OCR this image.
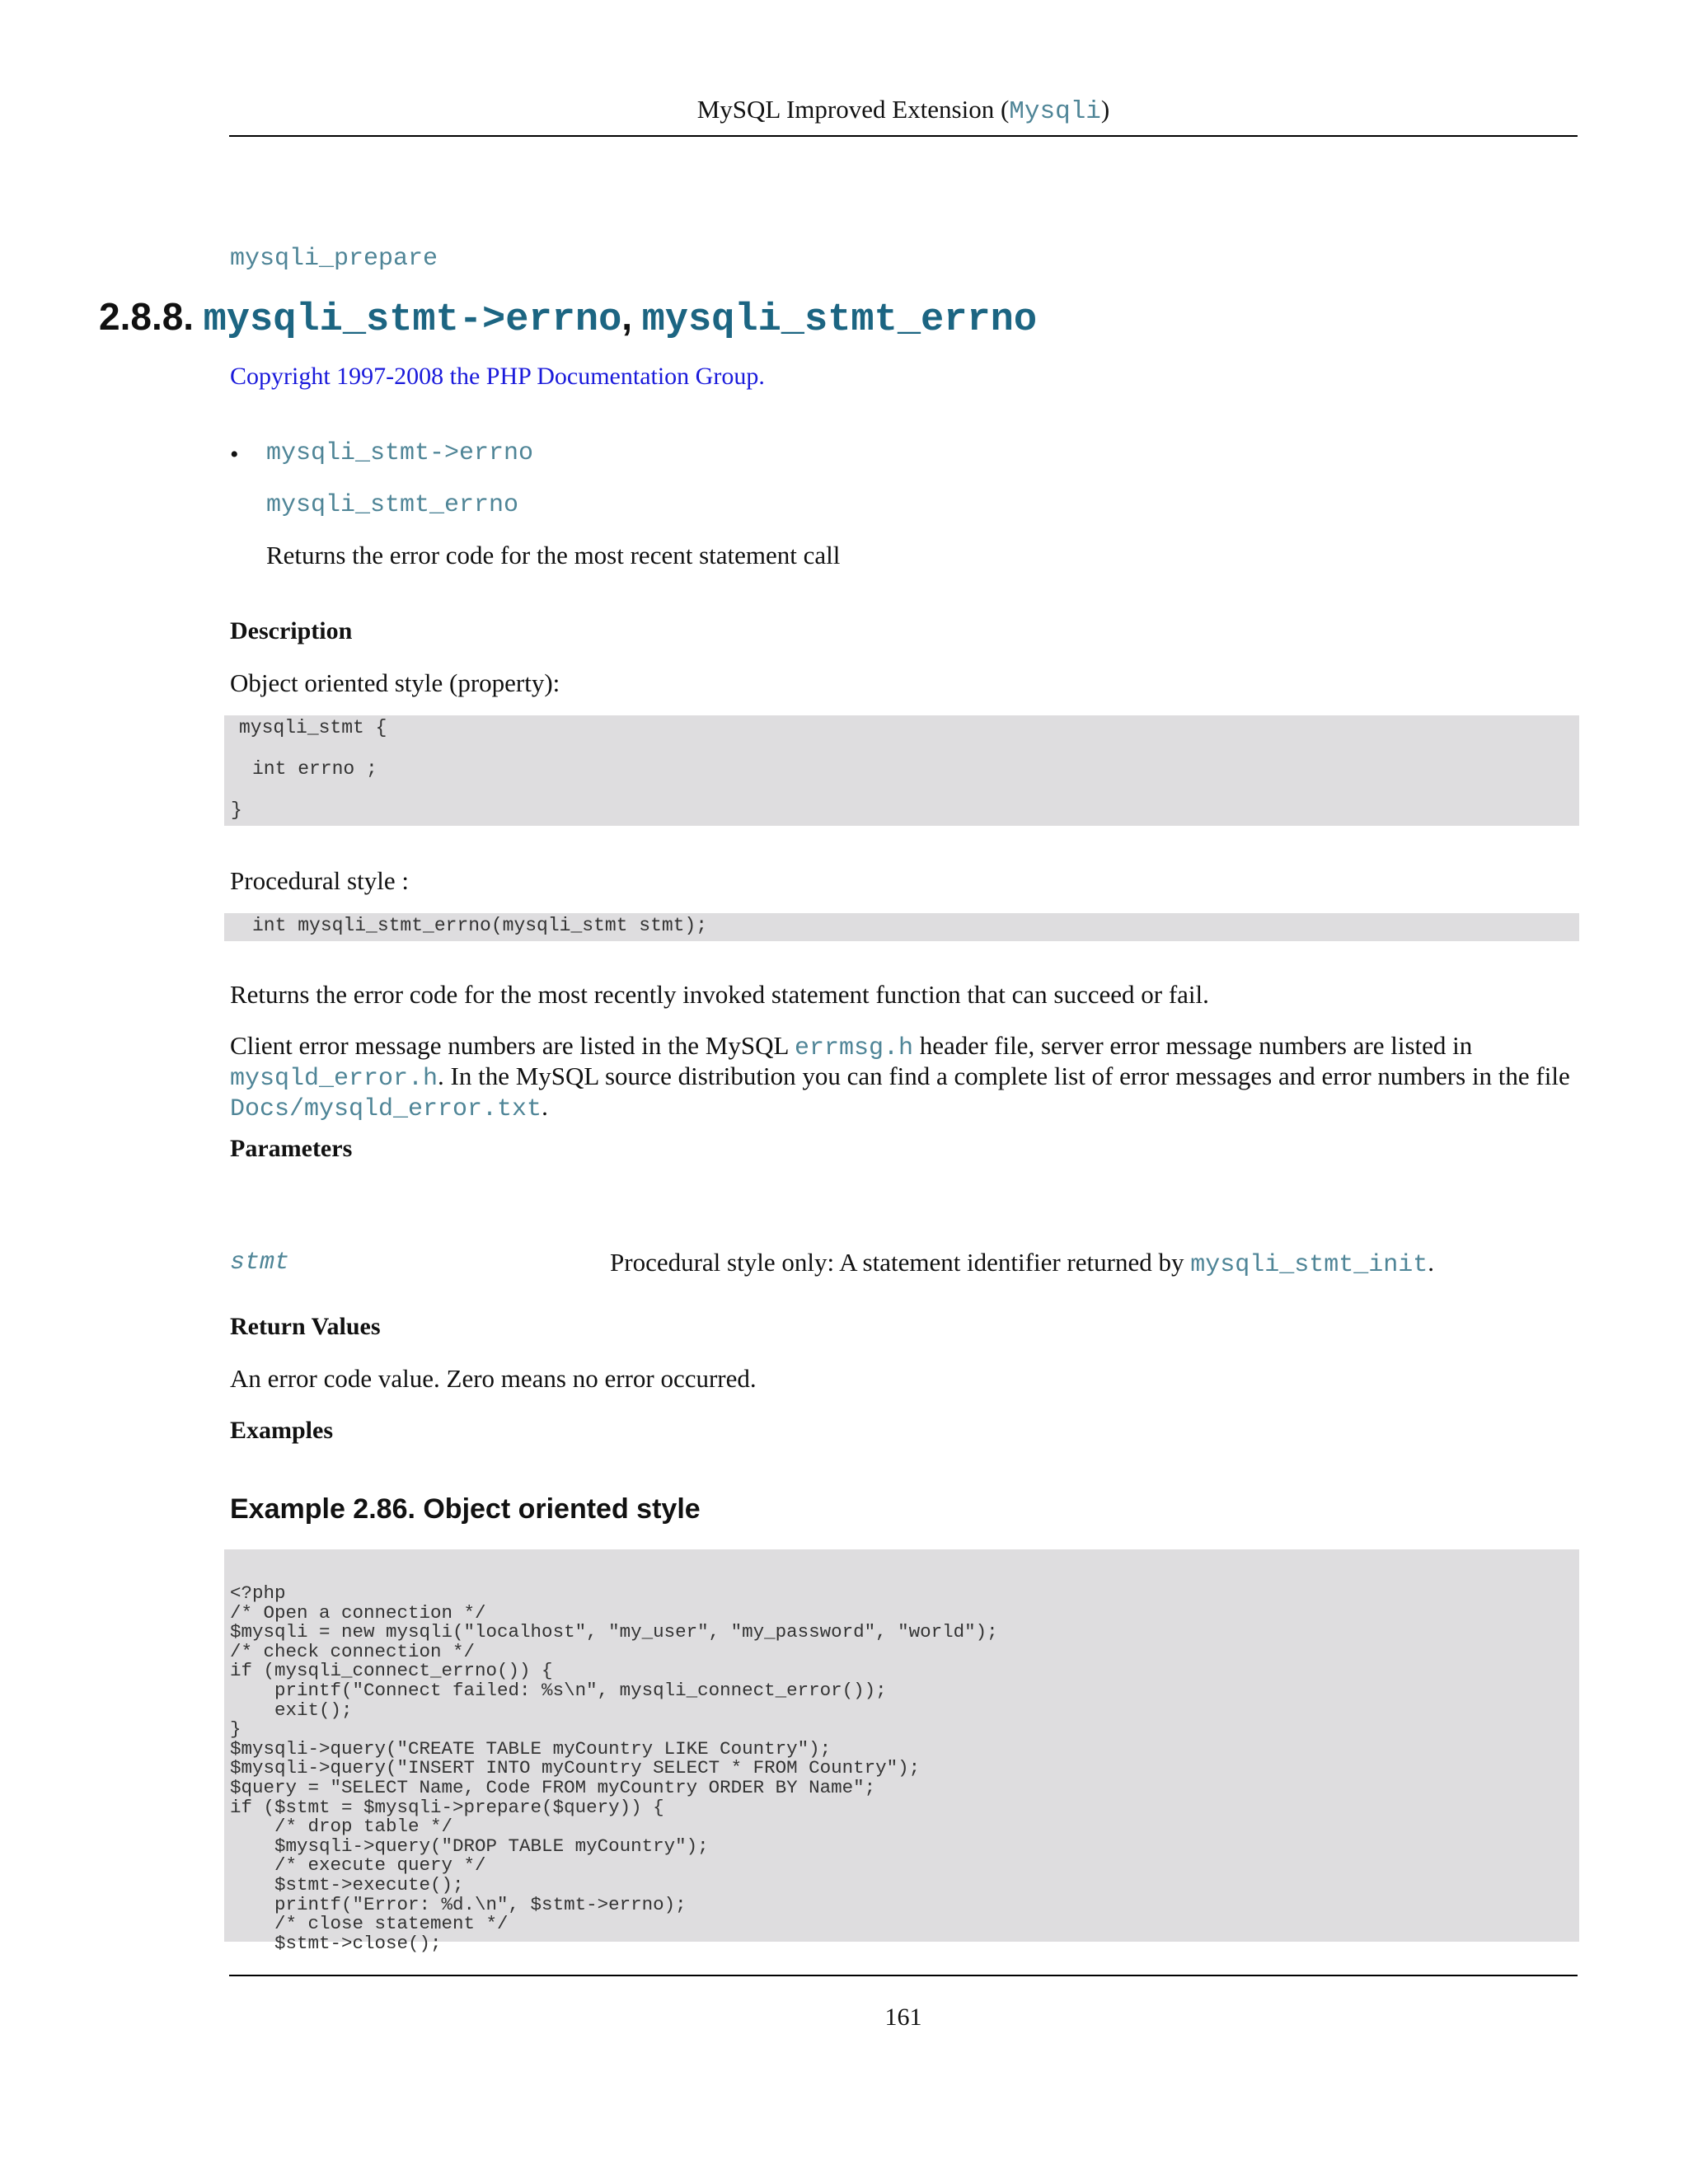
MySQL Improved Extension (Mysqli)
mysqli_prepare
2.8.8. mysqli_stmt->errno, mysqli_stmt_errno
Copyright 1997-2008 the PHP Documentation Group.
• mysqli_stmt->errno
mysqli_stmt_errno
Returns the error code for the most recent statement call
Description
Object oriented style (property):
mysqli_stmt {
int errno ;
}
Procedural style :
int mysqli_stmt_errno(mysqli_stmt stmt);
Returns the error code for the most recently invoked statement function that can succeed or fail.
Client error message numbers are listed in the MySQL errmsg.h header file, server error message numbers are listed in
mysqld_error.h. In the MySQL source distribution you can find a complete list of error messages and error numbers in the file
Docs/mysqld_error.txt.
Parameters
stmt	Procedural style only: A statement identifier returned by mysqli_stmt_init.
Return Values
An error code value. Zero means no error occurred.
Examples
Example 2.86. Object oriented style
<?php
/* Open a connection */
$mysqli = new mysqli("localhost", "my_user", "my_password", "world");
/* check connection */
if (mysqli_connect_errno()) {
printf("Connect failed: %s\n", mysqli_connect_error());
exit();
}
$mysqli->query("CREATE TABLE myCountry LIKE Country");
$mysqli->query("INSERT INTO myCountry SELECT * FROM Country");
$query = "SELECT Name, Code FROM myCountry ORDER BY Name";
if ($stmt = $mysqli->prepare($query)) {
/* drop table */
$mysqli->query("DROP TABLE myCountry");
/* execute query */
$stmt->execute();
printf("Error: %d.\n", $stmt->errno);
/* close statement */
$stmt->close();
161
